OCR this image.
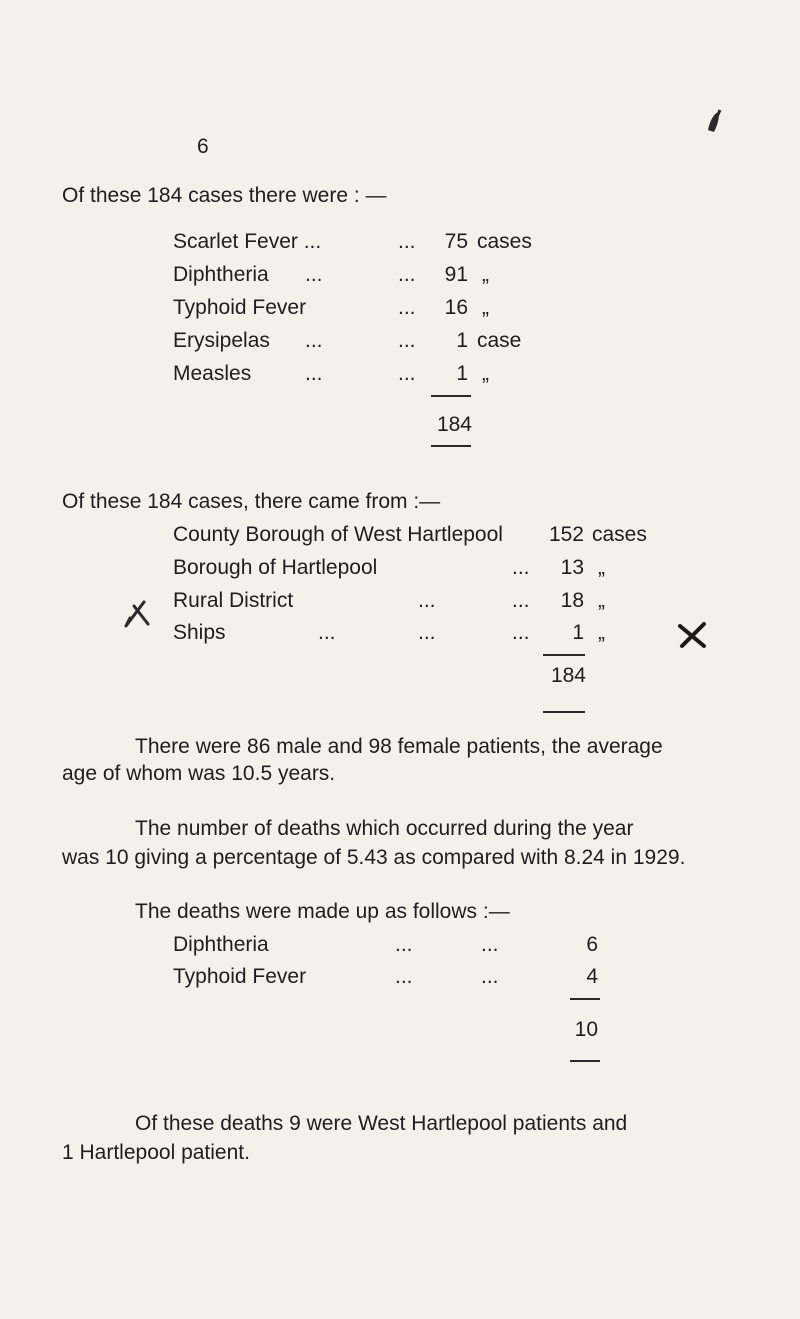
6
Of these 184 cases there were : —
Scarlet Fever ...	...	75 cases
Diphtheria ...	...	91 „
Typhoid Fever	...	16 „
Erysipelas ...	...	1 case
Measles	...	...	1 „
184
Of these 184 cases, there came from :—
County Borough of West Hartlepool	152 cases
Borough of Hartlepool	...	13 „
Rural District	...	...	18 „
Ships	...	...	...	1 „
184
There were 86 male and 98 female patients, the average
age of whom was 10.5 years.
The number of deaths which occurred during the year
was 10 giving a percentage of 5.43 as compared with 8.24 in 1929.
The deaths were made up as follows :—
Diphtheria	...	...	6
Typhoid Fever	...	...	4
10
Of these deaths 9 were West Hartlepool patients and
1 Hartlepool patient.
